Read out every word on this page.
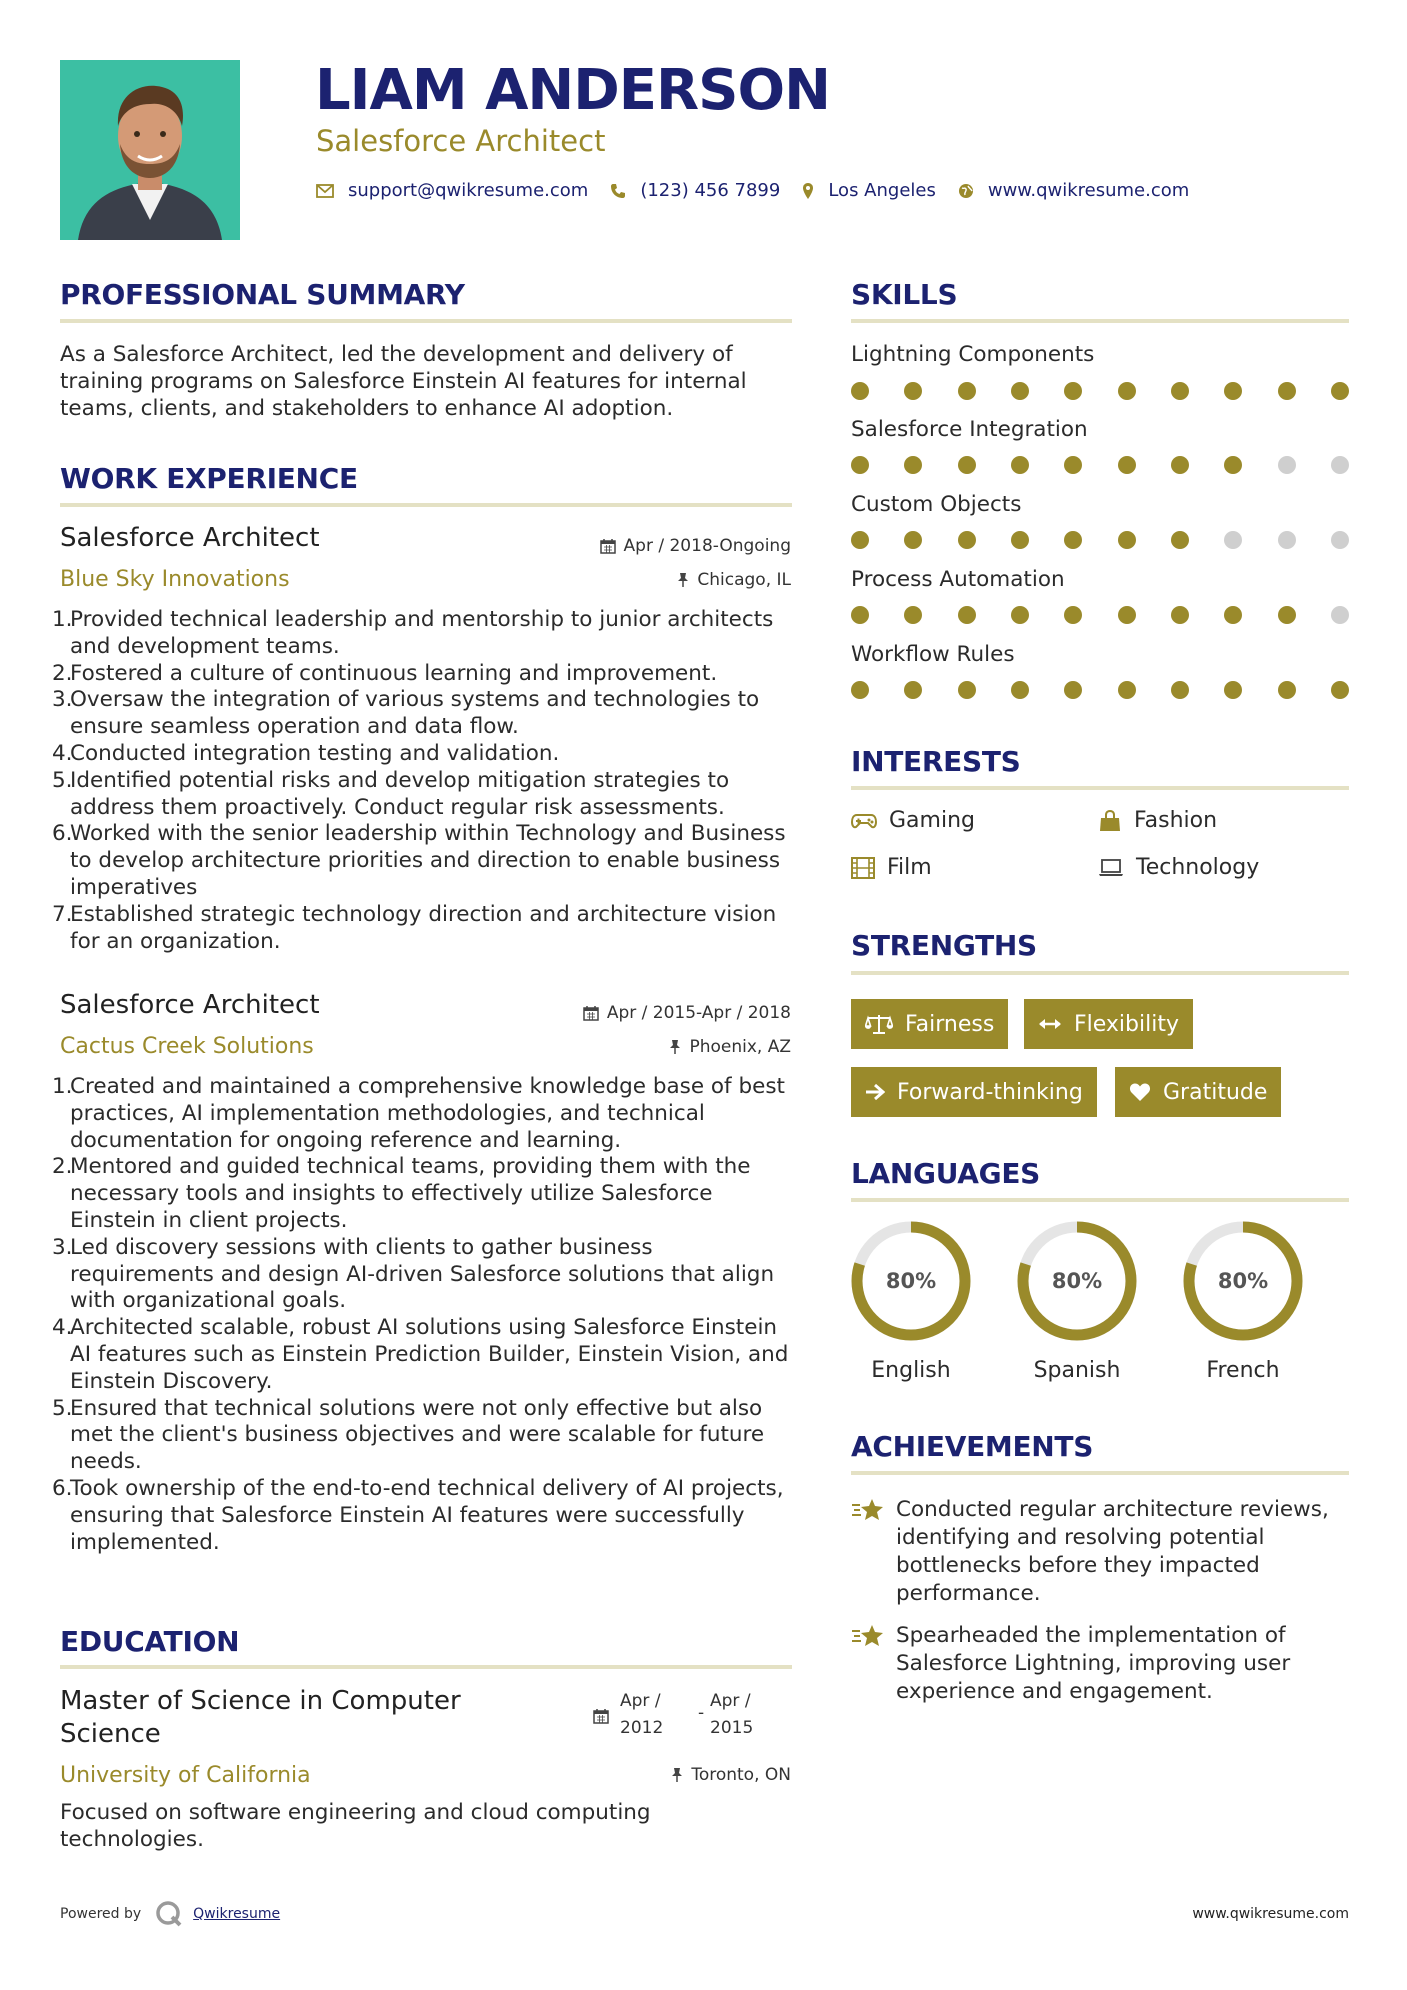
LIAM ANDERSON
Salesforce Architect
support@qwikresume.com	(123) 456 7899	Los Angeles	www.qwikresume.com
PROFESSIONAL SUMMARY
As a Salesforce Architect, led the development and delivery of training programs on Salesforce Einstein AI features for internal teams, clients, and stakeholders to enhance AI adoption.
WORK EXPERIENCE
Salesforce Architect	Apr / 2018-Ongoing
Blue Sky Innovations	Chicago, IL
1.
Provided technical leadership and mentorship to junior architects and development teams.
2.
Fostered a culture of continuous learning and improvement.
3.
Oversaw the integration of various systems and technologies to ensure seamless operation and data flow.
4.
Conducted integration testing and validation.
5.
Identified potential risks and develop mitigation strategies to address them proactively. Conduct regular risk assessments.
6.
Worked with the senior leadership within Technology and Business to develop architecture priorities and direction to enable business imperatives
7.
Established strategic technology direction and architecture vision for an organization.
Salesforce Architect	Apr / 2015-Apr / 2018
Cactus Creek Solutions	Phoenix, AZ
1.
Created and maintained a comprehensive knowledge base of best practices, AI implementation methodologies, and technical documentation for ongoing reference and learning.
2.
Mentored and guided technical teams, providing them with the necessary tools and insights to effectively utilize Salesforce Einstein in client projects.
3.
Led discovery sessions with clients to gather business requirements and design AI-driven Salesforce solutions that align with organizational goals.
4.
Architected scalable, robust AI solutions using Salesforce Einstein AI features such as Einstein Prediction Builder, Einstein Vision, and Einstein Discovery.
5.
Ensured that technical solutions were not only effective but also met the client's business objectives and were scalable for future needs.
6.
Took ownership of the end-to-end technical delivery of AI projects, ensuring that Salesforce Einstein AI features were successfully implemented.
EDUCATION
Master of Science in Computer Science
Apr /
2012
-
Apr /
2015
University of California	Toronto, ON
Focused on software engineering and cloud computing technologies.
SKILLS
Lightning Components
Salesforce Integration
Custom Objects
Process Automation
Workflow Rules
INTERESTS
Gaming	Fashion
Film	Technology
STRENGTHS
Fairness	Flexibility
Forward-thinking	Gratitude
LANGUAGES
80%
English
80%
Spanish
80%
French
ACHIEVEMENTS
Conducted regular architecture reviews, identifying and resolving potential bottlenecks before they impacted performance.
Spearheaded the implementation of Salesforce Lightning, improving user experience and engagement.
Powered by	Qwikresume	www.qwikresume.com
